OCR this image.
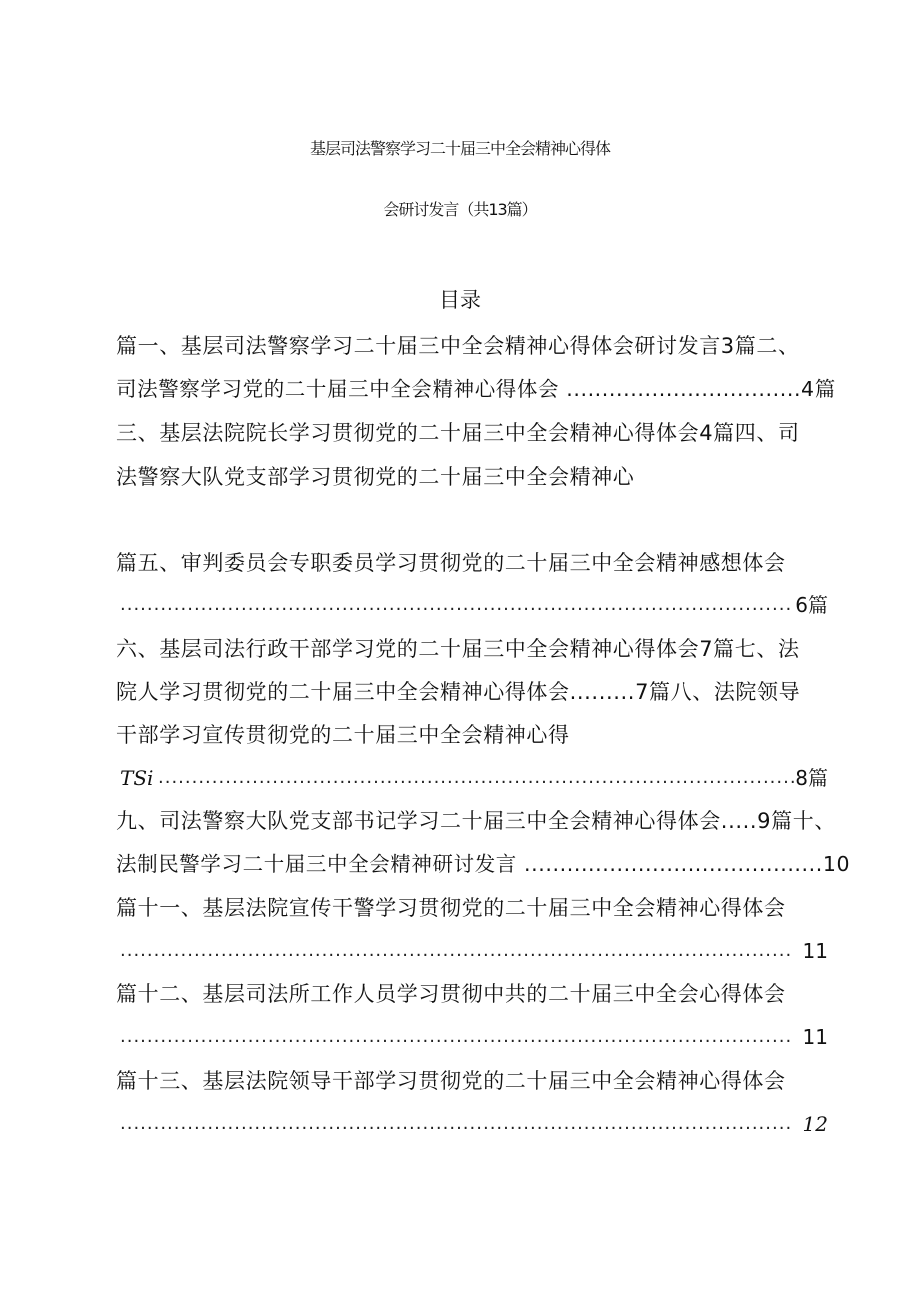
基层司法警察学习二十届三中全会精神心得体
会研讨发言（共13篇）
目录
篇一、基层司法警察学习二十届三中全会精神心得体会研讨发言3篇二、
司法警察学习党的二十届三中全会精神心得体会 .................................4篇
三、基层法院院长学习贯彻党的二十届三中全会精神心得体会4篇四、司
法警察大队党支部学习贯彻党的二十届三中全会精神心
篇五、审判委员会专职委员学习贯彻党的二十届三中全会精神感想体会
.....
6篇
六、基层司法行政干部学习党的二十届三中全会精神心得体会7篇七、法
院人学习贯彻党的二十届三中全会精神心得体会.........7篇八、法院领导
干部学习宣传贯彻党的二十届三中全会精神心得
TSi
.....	8篇
九、司法警察大队党支部书记学习二十届三中全会精神心得体会.....9篇十、
法制民警学习二十届三中全会精神研讨发言 ..........................................10
篇十一、基层法院宣传干警学习贯彻党的二十届三中全会精神心得体会
.....
11
篇十二、基层司法所工作人员学习贯彻中共的二十届三中全会心得体会
.....
11
篇十三、基层法院领导干部学习贯彻党的二十届三中全会精神心得体会
.....
12
